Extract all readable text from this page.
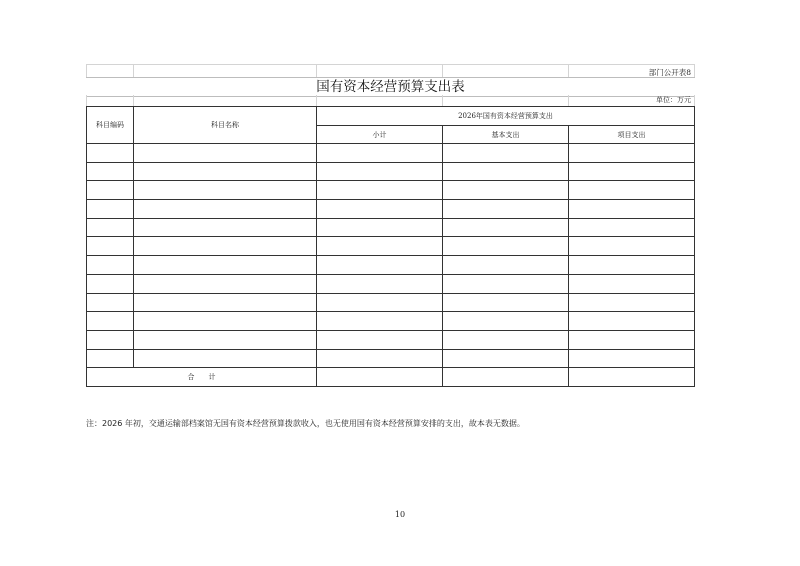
部门公开表8
国有资本经营预算支出表
单位：万元
科目编码	科目名称	2026年国有资本经营预算支出		
		小计	基本支出	项目支出

合　　计				
注：2026 年初，交通运输部档案馆无国有资本经营预算拨款收入，也无使用国有资本经营预算安排的支出，故本表无数据。
10
